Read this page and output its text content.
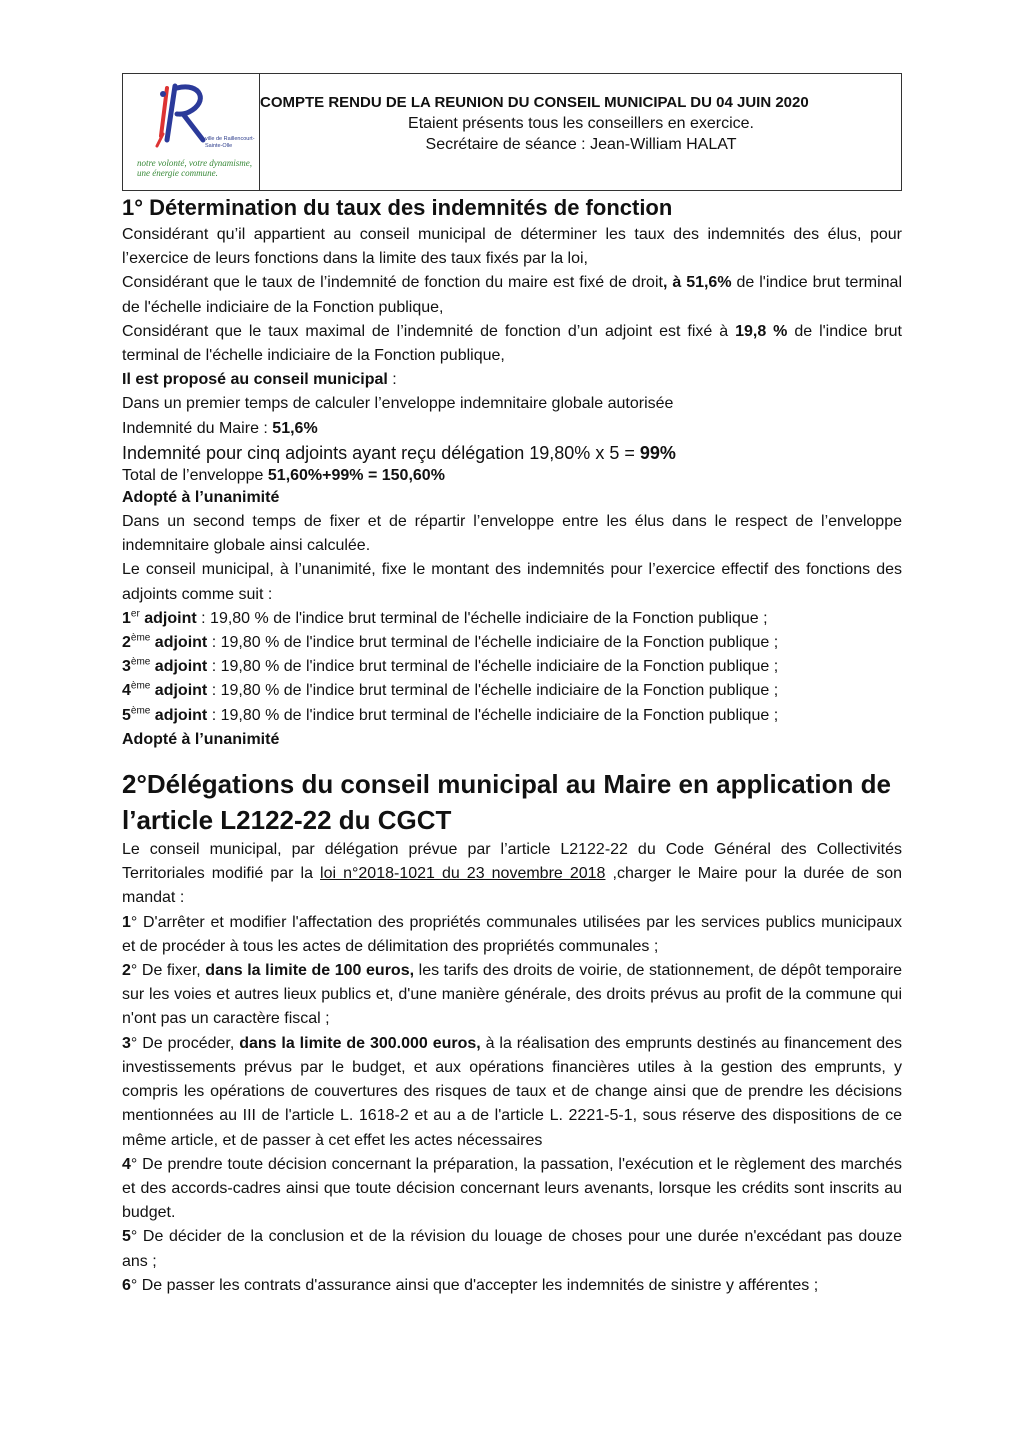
ville de Raillencourt-Sainte-Olle
notre volonté, votre dynamisme, une énergie commune.
COMPTE RENDU DE LA REUNION DU CONSEIL MUNICIPAL DU 04 JUIN 2020
Etaient présents tous les conseillers en exercice.
Secrétaire de séance : Jean-William HALAT
1° Détermination du taux des indemnités de fonction

Considérant qu’il appartient au conseil municipal de déterminer les taux des indemnités des élus, pour l’exercice de leurs fonctions dans la limite des taux fixés par la loi,

Considérant que le taux de l’indemnité de fonction du maire est fixé de droit, à 51,6% de l'indice brut terminal de l'échelle indiciaire de la Fonction publique,

Considérant que le taux maximal de l’indemnité de fonction d’un adjoint est fixé à 19,8 % de l'indice brut terminal de l'échelle indiciaire de la Fonction publique,

Il est proposé au conseil municipal :

Dans un premier temps de calculer l’enveloppe indemnitaire globale autorisée

Indemnité du Maire : 51,6%

Indemnité pour cinq adjoints ayant reçu délégation 19,80% x 5 = 99%

Total de l’enveloppe 51,60%+99% = 150,60%

Adopté à l’unanimité

Dans un second temps de fixer et de répartir l’enveloppe entre les élus dans le respect de l’enveloppe indemnitaire globale ainsi calculée.

Le conseil municipal, à l’unanimité, fixe le montant des indemnités pour l’exercice effectif des fonctions des adjoints comme suit :

1er adjoint : 19,80 % de l'indice brut terminal de l'échelle indiciaire de la Fonction publique ;

2ème adjoint : 19,80 % de l'indice brut terminal de l'échelle indiciaire de la Fonction publique ;

3ème adjoint : 19,80 % de l'indice brut terminal de l'échelle indiciaire de la Fonction publique ;

4ème adjoint : 19,80 % de l'indice brut terminal de l'échelle indiciaire de la Fonction publique ;

5ème adjoint : 19,80 % de l'indice brut terminal de l'échelle indiciaire de la Fonction publique ;

Adopté à l’unanimité

2°Délégations du conseil municipal au Maire en application de l’article L2122-22 du CGCT

Le conseil municipal, par délégation prévue par l’article L2122-22 du Code Général des Collectivités Territoriales modifié par la loi n°2018-1021 du 23 novembre 2018 ,charger le Maire pour la durée de son mandat :

1° D'arrêter et modifier l'affectation des propriétés communales utilisées par les services publics municipaux et de procéder à tous les actes de délimitation des propriétés communales ;

2° De fixer, dans la limite de 100 euros, les tarifs des droits de voirie, de stationnement, de dépôt temporaire sur les voies et autres lieux publics et, d'une manière générale, des droits prévus au profit de la commune qui n'ont pas un caractère fiscal ;

3° De procéder, dans la limite de 300.000 euros, à la réalisation des emprunts destinés au financement des investissements prévus par le budget, et aux opérations financières utiles à la gestion des emprunts, y compris les opérations de couvertures des risques de taux et de change ainsi que de prendre les décisions mentionnées au III de l'article L. 1618-2 et au a de l'article L. 2221-5-1, sous réserve des dispositions de ce même article, et de passer à cet effet les actes nécessaires

4° De prendre toute décision concernant la préparation, la passation, l'exécution et le règlement des marchés et des accords-cadres ainsi que toute décision concernant leurs avenants, lorsque les crédits sont inscrits au budget.

5° De décider de la conclusion et de la révision du louage de choses pour une durée n'excédant pas douze ans ;

6° De passer les contrats d'assurance ainsi que d'accepter les indemnités de sinistre y afférentes ;
